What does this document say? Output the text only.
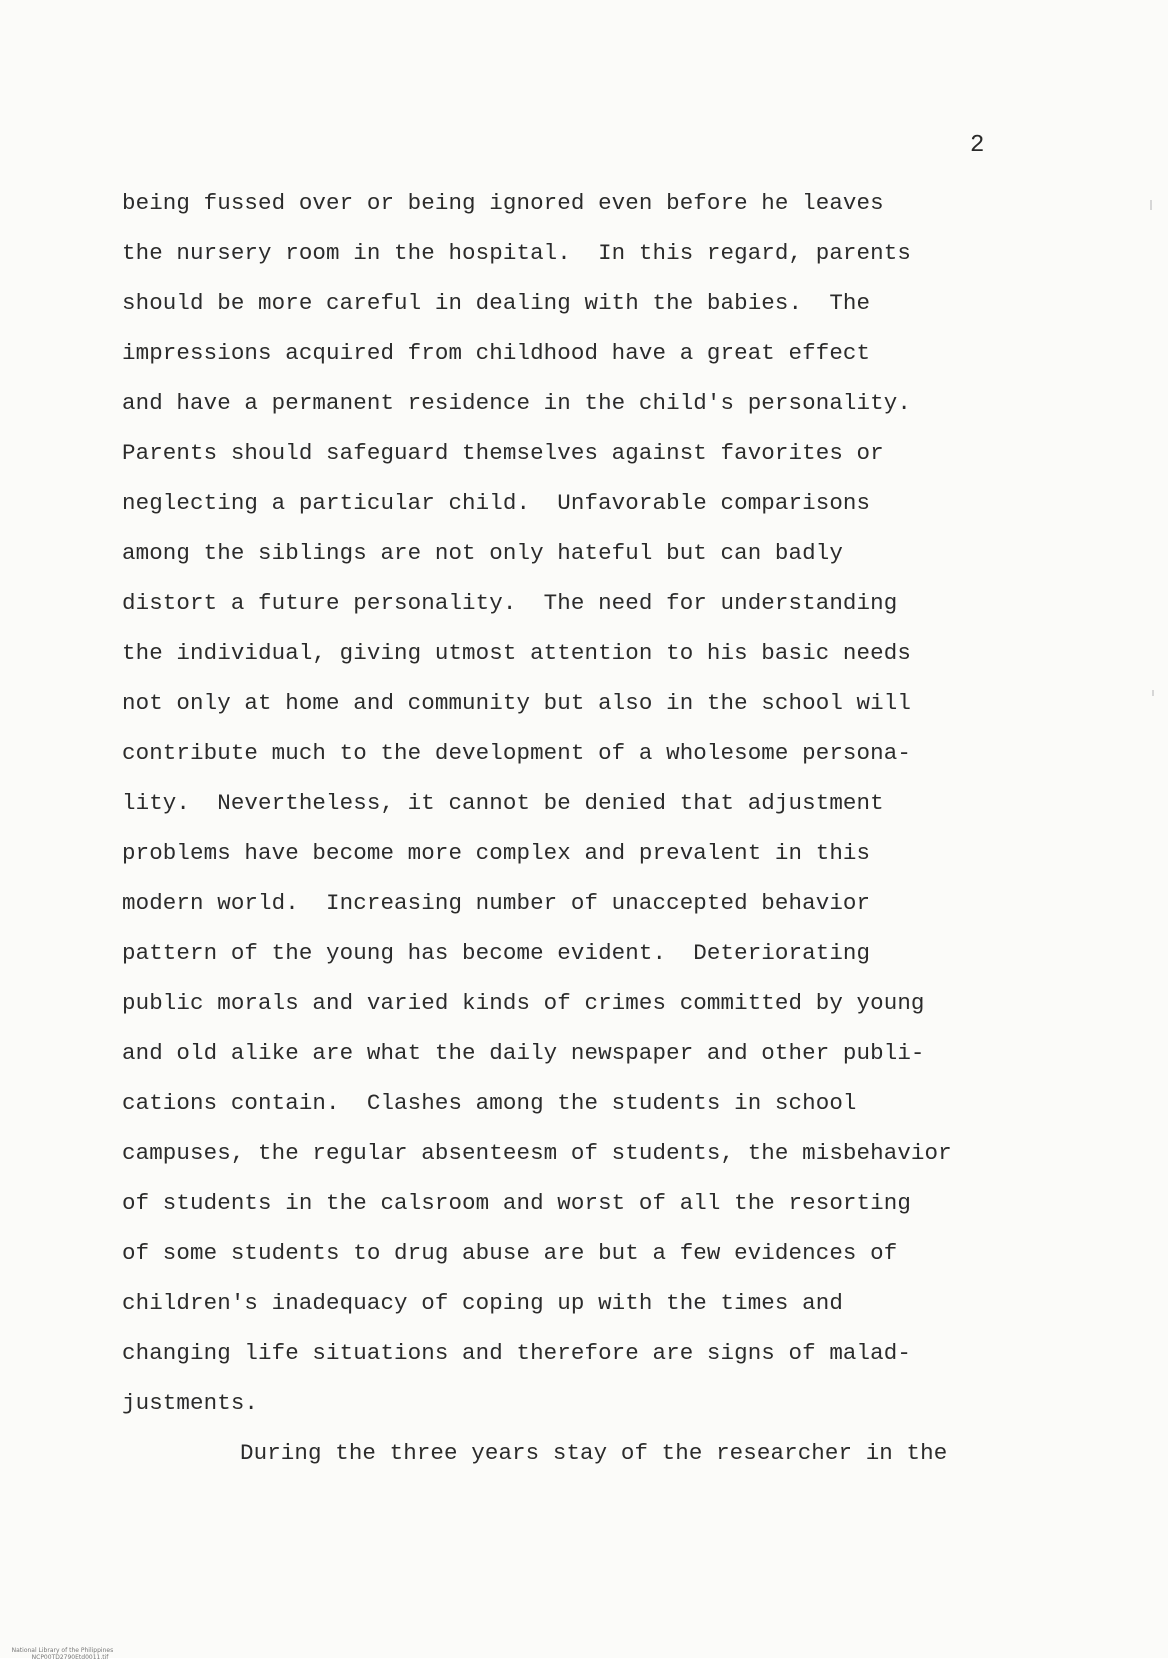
2
being fussed over or being ignored even before he leaves
the nursery room in the hospital.  In this regard, parents
should be more careful in dealing with the babies.  The
impressions acquired from childhood have a great effect
and have a permanent residence in the child's personality.
Parents should safeguard themselves against favorites or
neglecting a particular child.  Unfavorable comparisons
among the siblings are not only hateful but can badly
distort a future personality.  The need for understanding
the individual, giving utmost attention to his basic needs
not only at home and community but also in the school will
contribute much to the development of a wholesome persona-
lity.  Nevertheless, it cannot be denied that adjustment
problems have become more complex and prevalent in this
modern world.  Increasing number of unaccepted behavior
pattern of the young has become evident.  Deteriorating
public morals and varied kinds of crimes committed by young
and old alike are what the daily newspaper and other publi-
cations contain.  Clashes among the students in school
campuses, the regular absenteesm of students, the misbehavior
of students in the calsroom and worst of all the resorting
of some students to drug abuse are but a few evidences of
children's inadequacy of coping up with the times and
changing life situations and therefore are signs of malad-
justments.
During the three years stay of the researcher in the

National Library of the Philippines
NCP00TD2790Etd0011.tif
